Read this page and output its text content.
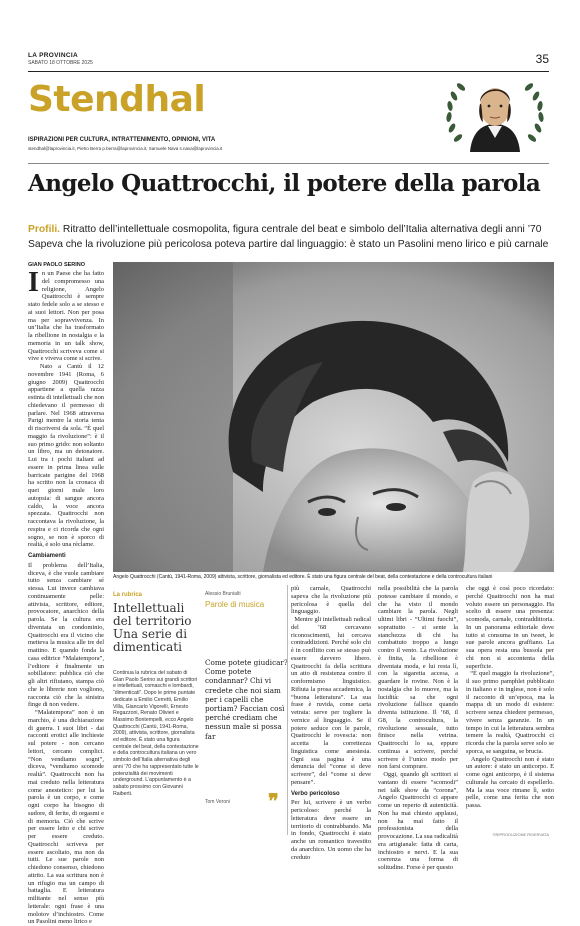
LA PROVINCIA
SABATO 18 OTTOBRE 2025	35
Stendhal
ISPIRAZIONI PER CULTURA, INTRATTENIMENTO, OPINIONI, VITA
stendhal@laprovincia.it, Pietro Berra p.berra@laprovincia.it, Samuele Nava s.nava@laprovincia.it
Angelo Quattrocchi, il potere della parola

Profili. Ritratto dell’intellettuale cosmopolita, figura centrale del beat e simbolo dell’Italia alternativa degli anni ’70 Sapeva che la rivoluzione più pericolosa poteva partire dal linguaggio: è stato un Pasolini meno lirico e più carnale

GIAN PAOLO SERINO
In un Paese che ha fatto del compromesso una religione, Angelo Quattrocchi è sempre stato fedele solo a se stesso e ai suoi lettori. Non per posa ma per sopravvivenza. In un’Italia che ha trasformato la ribellione in nostalgia e la memoria in un talk show, Quattrocchi scriveva come si vive e viveva come si scrive.
Nato a Cantù il 12 novembre 1941 (Roma, 6 giugno 2009) Quattrocchi appartiene a quella razza estinta di intellettuali che non chiedevano il permesso di parlare. Nel 1968 attraversa Parigi mentre la storia tenta di riscriversi da sola. “È quel maggio fa rivoluzione”: è il suo primo grido: non soltanto un libro, ma un detonatore. Lui tra i pochi italiani ad essere in prima linea sulle barricate parigine del 1968 ha scritto non la cronaca di quei giorni male loro autopsia: di sangue ancora caldo, la voce ancora spezzata. Quattrocchi non raccontava la rivoluzione, la respira e ci ricorda che ogni sogno, se non è sporco di realtà, è solo una réclame.
Cambiamenti
Il problema dell’Italia, diceva, è che vuole cambiare tutto senza cambiare sé stessa. Lui invece cambiava continuamente pelle: attivista, scrittore, editore, provocatore, anarchico della parola. Se la cultura era diventata un condominio, Quattrocchi era il vicino che metteva la musica alle tre del mattino. E quando fonda la casa editrice “Malatempora”, l’editore è finalmente un sobillatore: pubblica ciò che gli altri rifiutano, stampa ciò che le librerie non vogliono, racconta ciò che la sinistra finge di non vedere.
“Malatempora” non è un marchio, è una dichiarazione di guerra. I suoi libri - dai racconti erotici alle inchieste sul potere - non cercano lettori, cercano complici. “Non vendiamo sogni”, diceva, “vendiamo scomode realtà”. Quattrocchi non ha mai creduto nella letteratura come anestetico: per lui la parola è un corpo, e come ogni corpo ha bisogno di sudore, di ferite, di orgasmi e di memoria. Ciò che scrive per essere letto e chi scrive per essere creduto. Quattrocchi scriveva per essere ascoltato, ma non da tutti. Le sue parole non chiedono consenso, chiedono attrito. La sua scrittura non è un rifugio ma un campo di battaglia. E letteratura militante nel senso più letterale: ogni frase è una molotov d’inchiostro. Come un Pasolini meno lirico e
Angelo Quattrocchi (Cantù, 1941-Roma, 2009) attivista, scrittore, giornalista ed editore. È stato una figura centrale del beat, della contestazione e della controcultura italiani
La rubrica
Intellettuali del territorio Una serie di dimenticati
Continua la rubrica del sabato di Gian Paolo Serino sui grandi scrittori e intellettuali, comaschi e lombardi, “dimenticati”. Dopo le prime puntate dedicate a Emilio Cerretti, Emilio Villa, Giancarlo Vigorelli, Ernesto Regazzoni, Renato Olivieri e Massimo Bontempelli, ecco Angelo Quattrocchi (Cantù, 1941-Roma, 2009), attivista, scrittore, giornalista ed editore. È stato una figura centrale del beat, della contestazione e della controcultura italiana un vero simbolo dell’Italia alternativa degli anni ’70 che ha rappresentato tutte le potenzialità dei movimenti underground. L’appuntamento è a sabato prossimo con Giovanni Raiberti.
Alessio Brunialti
Parole di musica
Come potete giudicar? Come potete condannar? Chi vi credete che noi siam per i capelli che portiam? Faccian così perché crediam che nessun male si possa far
Tom Veroni ❞
più carnale, Quattrocchi sapeva che la rivoluzione più pericolosa è quella del linguaggio.
Mentre gli intellettuali radical del ’68 cercavano riconoscimenti, lui cercava contraddizioni. Perché solo chi è in conflitto con se stesso può essere davvero libero. Quattrocchi fa della scrittura un atto di resistenza contro il conformismo linguistico. Rifiuta la prosa accademica, la “buona letteratura”. La sua frase è ruvida, come carta vetrata: serve per togliere la vernice al linguaggio. Se il potere seduce con le parole, Quattrocchi le rovescia: non accetta la correttezza linguistica come anestesia. Ogni sua pagina è una denuncia del “come si deve scrivere”, del “come si deve pensare”.
Verbo pericoloso
Per lui, scrivere è un verbo pericoloso: perché la letteratura deve essere un territorio di contrabbando. Ma in fondo, Quattrocchi è stato anche un romantico travestito da anarchico. Un uomo che ha creduto
nella possibilità che la parola potesse cambiare il mondo, e che ha visto il mondo cambiare la parola. Negli ultimi libri - “Ultimi fuochi”, soprattutto - si sente la stanchezza di chi ha combattuto troppo a lungo contro il vento. La rivoluzione è finita, la ribellione è diventata moda, e lui resta lì, con la sigaretta accesa, a guardare le rovine. Non è la nostalgia che lo muove, ma la lucidità: sa che ogni rivoluzione fallisce quando diventa istituzione. Il ’68, il G8, la controcultura, la rivoluzione sessuale, tutto finisce nella vetrina. Quattrocchi lo sa, eppure continua a scrivere, perché scrivere è l’unico modo per non farsi comprare.
Oggi, quando gli scrittori si vantano di essere “scomodi” nei talk show da “corona”, Angelo Quattrocchi ci appare come un reperto di autenticità. Non ha mai chiesto applausi, non ha mai fatto il professionista della provocazione. La sua radicalità era artigianale: fatta di carta, inchiostro e nervi. E la sua coerenza una forma di solitudine. Forse è per questo
che oggi è così poco ricordato: perché Quattrocchi non ha mai voluto essere un personaggio. Ha scelto di essere una presenza: scomoda, carnale, contraddittoria. In un panorama editoriale dove tutto si consuma in un tweet, le sue parole ancora graffiano. La sua opera resta una bussola per chi non si accontenta della superficie.
“È quel maggio fa rivoluzione”, il suo primo pamphlet pubblicato in italiano e in inglese, non è solo il racconto di un’epoca, ma la mappa di un modo di esistere: scrivere senza chiedere permesso, vivere senza garanzie. In un tempo in cui la letteratura sembra temere la realtà, Quattrocchi ci ricorda che la parola serve solo se sporca, se sanguina, se brucia.
Angelo Quattrocchi non è stato un autore: è stato un anticorpo. E come ogni anticorpo, è il sistema culturale ha cercato di espellerlo. Ma la sua voce rimane lì, sotto pelle, come una ferita che non passa.
©RIPRODUZIONE RISERVATA
